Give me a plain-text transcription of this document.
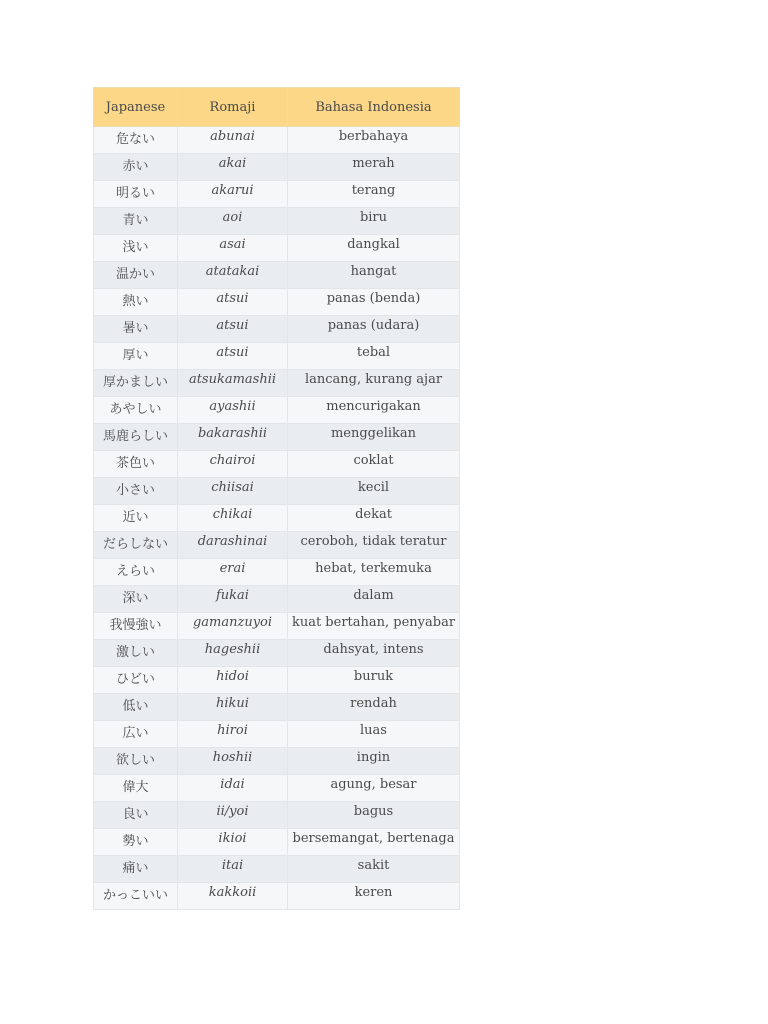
Japanese	Romaji	Bahasa Indonesia
危ない	abunai	berbahaya
赤い	akai	merah
明るい	akarui	terang
青い	aoi	biru
浅い	asai	dangkal
温かい	atatakai	hangat
熱い	atsui	panas (benda)
暑い	atsui	panas (udara)
厚い	atsui	tebal
厚かましい	atsukamashii	lancang, kurang ajar
あやしい	ayashii	mencurigakan
馬鹿らしい	bakarashii	menggelikan
茶色い	chairoi	coklat
小さい	chiisai	kecil
近い	chikai	dekat
だらしない	darashinai	ceroboh, tidak teratur
えらい	erai	hebat, terkemuka
深い	fukai	dalam
我慢強い	gamanzuyoi	kuat bertahan, penyabar
激しい	hageshii	dahsyat, intens
ひどい	hidoi	buruk
低い	hikui	rendah
広い	hiroi	luas
欲しい	hoshii	ingin
偉大	idai	agung, besar
良い	ii/yoi	bagus
勢い	ikioi	bersemangat, bertenaga
痛い	itai	sakit
かっこいい	kakkoii	keren
